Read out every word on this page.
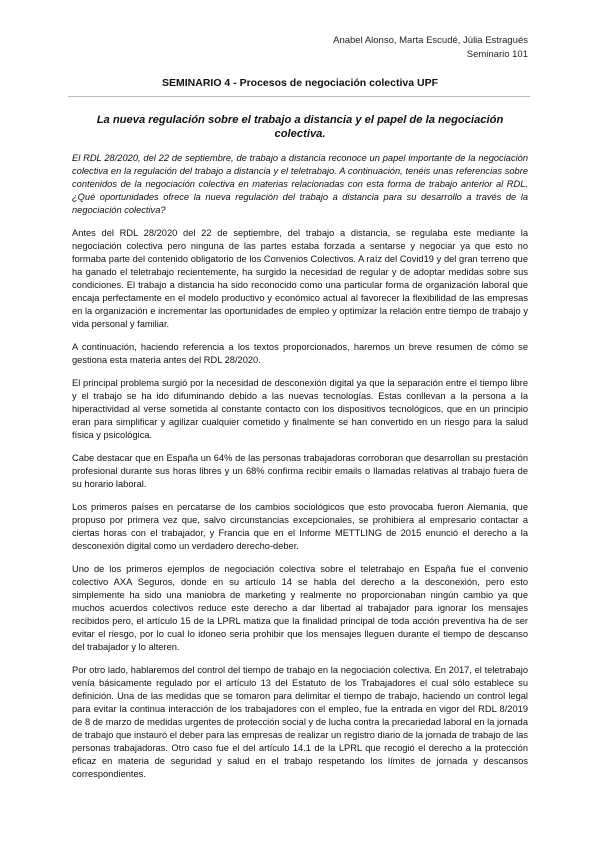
Anabel Alonso, Marta Escudé, Júlia Estragués
Seminario 101
SEMINARIO 4 - Procesos de negociación colectiva UPF
La nueva regulación sobre el trabajo a distancia y el papel de la negociación colectiva.

El RDL 28/2020, del 22 de septiembre, de trabajo a distancia reconoce un papel importante de la negociación colectiva en la regulación del trabajo a distancia y el teletrabajo. A continuación, tenéis unas referencias sobre contenidos de la negociación colectiva en materias relacionadas con esta forma de trabajo anterior al RDL. ¿Qué oportunidades ofrece la nueva regulación del trabajo a distancia para su desarrollo a través de la negociación colectiva?

Antes del RDL 28/2020 del 22 de septiembre, del trabajo a distancia, se regulaba este mediante la negociación colectiva pero ninguna de las partes estaba forzada a sentarse y negociar ya que esto no formaba parte del contenido obligatorio de los Convenios Colectivos. A raíz del Covid19 y del gran terreno que ha ganado el teletrabajo recientemente, ha surgido la necesidad de regular y de adoptar medidas sobre sus condiciones. El trabajo a distancia ha sido reconocido como una particular forma de organización laboral que encaja perfectamente en el modelo productivo y económico actual al favorecer la flexibilidad de las empresas en la organización e incrementar las oportunidades de empleo y optimizar la relación entre tiempo de trabajo y vida personal y familiar.

A continuación, haciendo referencia a los textos proporcionados, haremos un breve resumen de cómo se gestiona esta materia antes del RDL 28/2020.

El principal problema surgió por la necesidad de desconexión digital ya que la separación entre el tiempo libre y el trabajo se ha ido difuminando debido a las nuevas tecnologías. Estas conllevan a la persona a la hiperactividad al verse sometida al constante contacto con los dispositivos tecnológicos, que en un principio eran para simplificar y agilizar cualquier cometido y finalmente se han convertido en un riesgo para la salud física y psicológica.

Cabe destacar que en España un 64% de las personas trabajadoras corroboran que desarrollan su prestación profesional durante sus horas libres y un 68% confirma recibir emails o llamadas relativas al trabajo fuera de su horario laboral.

Los primeros países en percatarse de los cambios sociológicos que esto provocaba fueron Alemania, que propuso por primera vez que, salvo circunstancias excepcionales, se prohibiera al empresario contactar a ciertas horas con el trabajador, y Francia que en el Informe METTLING de 2015 enunció el derecho a la desconexión digital como un verdadero derecho-deber.

Uno de los primeros ejemplos de negociación colectiva sobre el teletrabajo en España fue el convenio colectivo AXA Seguros, donde en su artículo 14 se habla del derecho a la desconexión, pero esto simplemente ha sido una maniobra de marketing y realmente no proporcionaban ningún cambio ya que muchos acuerdos colectivos reduce este derecho a dar libertad al trabajador para ignorar los mensajes recibidos pero, el artículo 15 de la LPRL matiza que la finalidad principal de toda acción preventiva ha de ser evitar el riesgo, por lo cual lo idoneo seria prohibir que los mensajes lleguen durante el tiempo de descanso del trabajador y lo alteren.

Por otro lado, hablaremos del control del tiempo de trabajo en la negociación colectiva. En 2017, el teletrabajo venía básicamente regulado por el artículo 13 del Estatuto de los Trabajadores el cual sólo establece su definición. Una de las medidas que se tomaron para delimitar el tiempo de trabajo, haciendo un control legal para evitar la continua interacción de los trabajadores con el empleo, fue la entrada en vigor del RDL 8/2019 de 8 de marzo de medidas urgentes de protección social y de lucha contra la precariedad laboral en la jornada de trabajo que instauró el deber para las empresas de realizar un registro diario de la jornada de trabajo de las personas trabajadoras. Otro caso fue el del artículo 14.1 de la LPRL que recogió el derecho a la protección eficaz en materia de seguridad y salud en el trabajo respetando los límites de jornada y descansos correspondientes.
